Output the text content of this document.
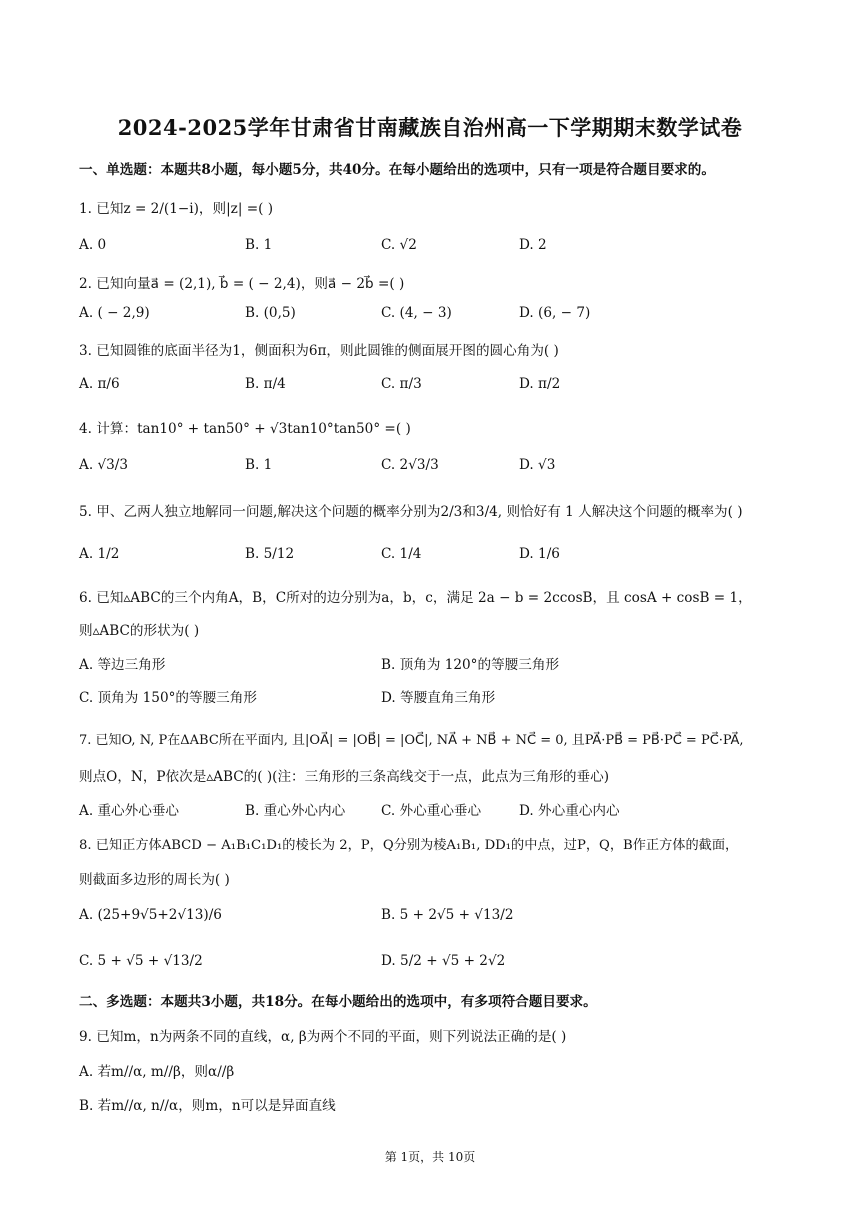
2024-2025学年甘肃省甘南藏族自治州高一下学期期末数学试卷
一、单选题：本题共8小题，每小题5分，共40分。在每小题给出的选项中，只有一项是符合题目要求的。
1. 已知z = 2/(1−i)，则|z| =( )
A. 0	B. 1	C. √2	D. 2
2. 已知向量a⃗ = (2,1), b⃗ = ( − 2,4)，则a⃗ − 2b⃗ =( )
A. ( − 2,9)	B. (0,5)	C. (4, − 3)	D. (6, − 7)
3. 已知圆锥的底面半径为1，侧面积为6π，则此圆锥的侧面展开图的圆心角为( )
A. π/6	B. π/4	C. π/3	D. π/2
4. 计算：tan10° + tan50° + √3tan10°tan50° =( )
A. √3/3	B. 1	C. 2√3/3	D. √3
5. 甲、乙两人独立地解同一问题,解决这个问题的概率分别为2/3和3/4, 则恰好有 1 人解决这个问题的概率为( )
A. 1/2	B. 5/12	C. 1/4	D. 1/6
6. 已知▵ABC的三个内角A，B，C所对的边分别为a，b，c，满足 2a − b = 2ccosB，且 cosA + cosB = 1，
则▵ABC的形状为( )
A. 等边三角形	B. 顶角为 120°的等腰三角形
C. 顶角为 150°的等腰三角形	D. 等腰直角三角形
7. 已知O, N, P在ΔABC所在平面内, 且|OA⃗| = |OB⃗| = |OC⃗|, NA⃗ + NB⃗ + NC⃗ = 0, 且PA⃗·PB⃗ = PB⃗·PC⃗ = PC⃗·PA⃗,
则点O，N，P依次是▵ABC的( )(注：三角形的三条高线交于一点，此点为三角形的垂心)
A. 重心外心垂心	B. 重心外心内心	C. 外心重心垂心	D. 外心重心内心
8. 已知正方体ABCD − A₁B₁C₁D₁的棱长为 2，P，Q分别为棱A₁B₁, DD₁的中点，过P，Q，B作正方体的截面，
则截面多边形的周长为( )
A. (25+9√5+2√13)/6	B. 5 + 2√5 + √13/2
C. 5 + √5 + √13/2	D. 5/2 + √5 + 2√2
二、多选题：本题共3小题，共18分。在每小题给出的选项中，有多项符合题目要求。
9. 已知m，n为两条不同的直线，α, β为两个不同的平面，则下列说法正确的是( )
A. 若m//α, m//β，则α//β
B. 若m//α, n//α，则m，n可以是异面直线
第 1页，共 10页
